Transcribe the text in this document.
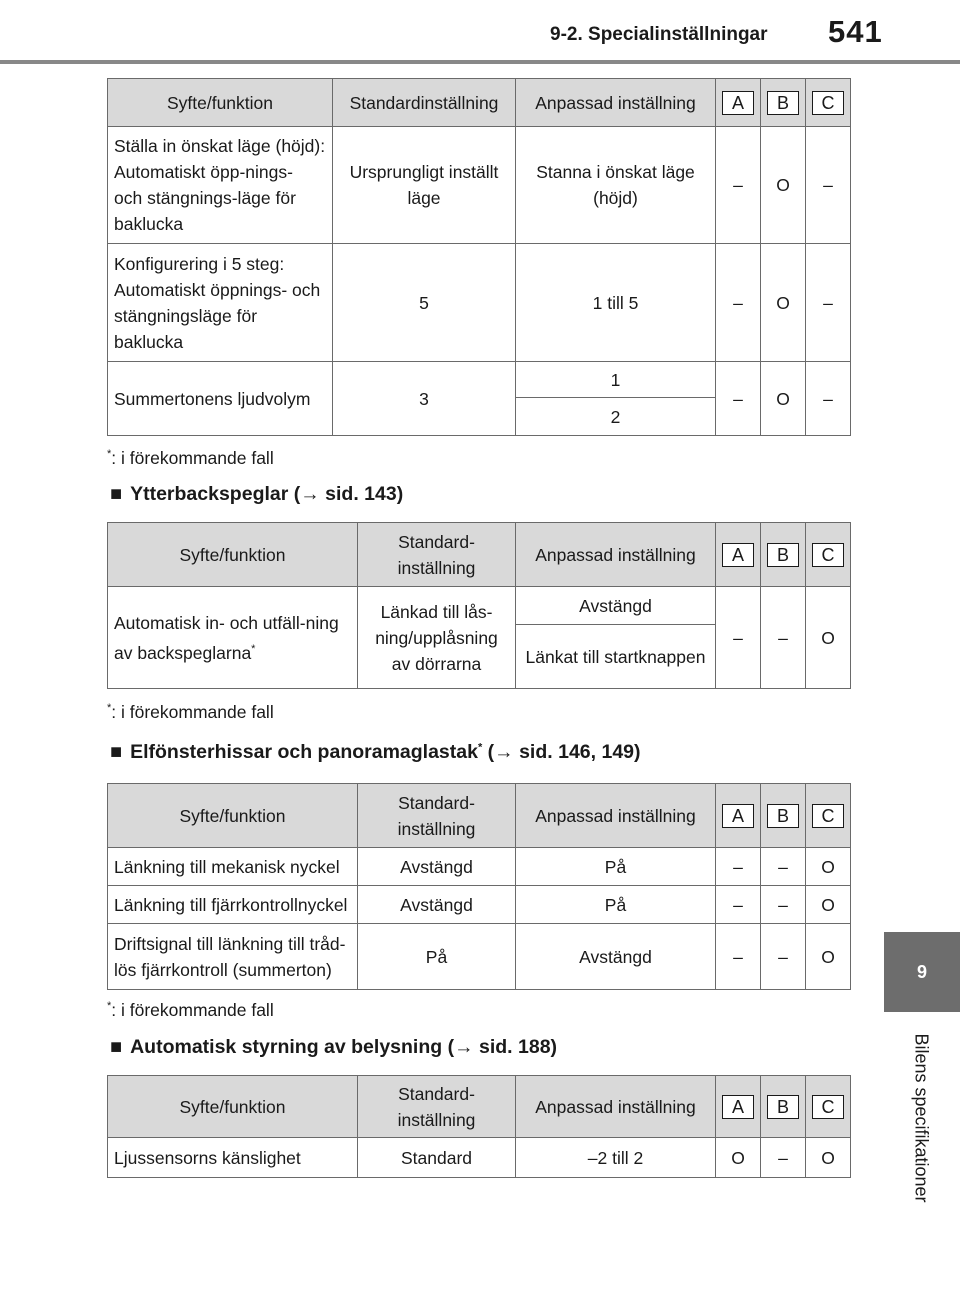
9-2. Specialinställningar 541
9
Bilens specifikationer
Syfte/funktion	Standardinställning	Anpassad inställning	A	B	C
Ställa in önskat läge (höjd): Automatiskt öpp-nings- och stängnings-läge för baklucka	Ursprungligt inställt läge	Stanna i önskat läge (höjd)	–	O	–
Konfigurering i 5 steg: Automatiskt öppnings- och stängningsläge för baklucka	5	1 till 5	–	O	–
Summertonens ljudvolym	3	1	–	O	–
		2			
*: i förekommande fall
■ Ytterbackspeglar (→ sid. 143)
Syfte/funktion	Standard-inställning	Anpassad inställning	A	B	C
Automatisk in- och utfäll-ning av backspeglarna*	Länkad till lås-ning/upplåsning av dörrarna	Avstängd	–	–	O
		Länkat till startknappen			
*: i förekommande fall
■ Elfönsterhissar och panoramaglastak* (→ sid. 146, 149)
Syfte/funktion	Standard-inställning	Anpassad inställning	A	B	C
Länkning till mekanisk nyckel	Avstängd	På	–	–	O
Länkning till fjärrkontrollnyckel	Avstängd	På	–	–	O
Driftsignal till länkning till tråd-lös fjärrkontroll (summerton)	På	Avstängd	–	–	O
*: i förekommande fall
■ Automatisk styrning av belysning (→ sid. 188)
Syfte/funktion	Standard-inställning	Anpassad inställning	A	B	C
Ljussensorns känslighet	Standard	–2 till 2	O	–	O
